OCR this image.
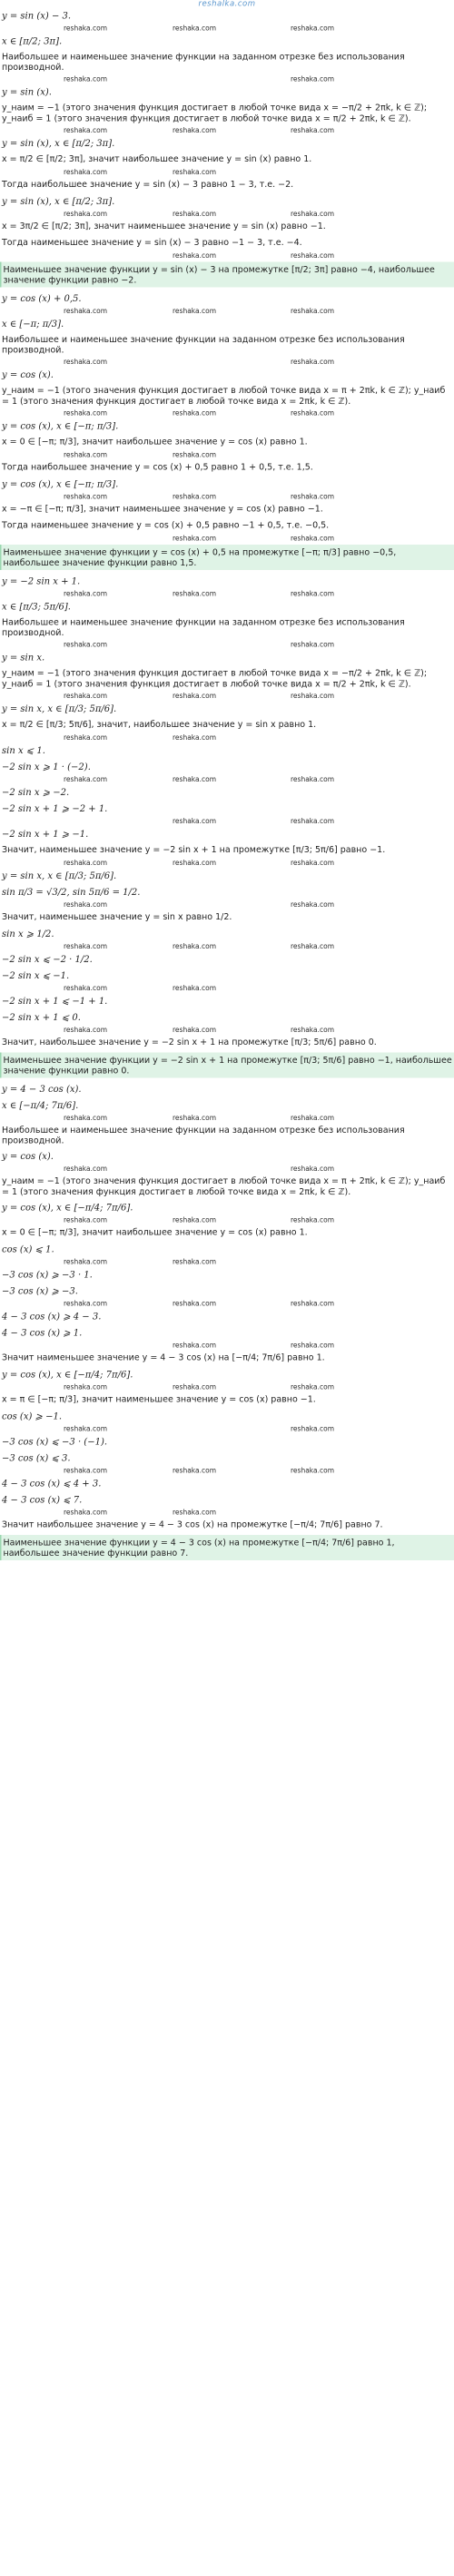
reshalka.com
y = sin (x) − 3.
reshaka.com	reshaka.com	reshaka.com
x ∈ [π/2; 3π].
Наибольшее и наименьшее значение функции на заданном отрезке без использования производной.
reshaka.com
reshaka.com
y = sin (x).
y_наим = −1 (этого значения функция достигает в любой точке вида x = −π/2 + 2πk, k ∈ ℤ); y_наиб = 1 (этого значения функция достигает в любой точке вида x = π/2 + 2πk, k ∈ ℤ).
reshaka.com	reshaka.com
reshaka.com
y = sin (x), x ∈ [π/2; 3π].
x = π/2 ∈ [π/2; 3π], значит наибольшее значение y = sin (x) равно 1.
reshaka.com	reshaka.com
Тогда наибольшее значение y = sin (x) − 3 равно 1 − 3, т.е. −2.
y = sin (x), x ∈ [π/2; 3π].
reshaka.com
reshaka.com	reshaka.com
x = 3π/2 ∈ [π/2; 3π], значит наименьшее значение y = sin (x) равно −1.
Тогда наименьшее значение y = sin (x) − 3 равно −1 − 3, т.е. −4.
reshaka.com	reshaka.com
Наименьшее значение функции y = sin (x) − 3 на промежутке [π/2; 3π] равно −4, наибольшее значение функции равно −2.
y = cos (x) + 0,5.
reshaka.com	reshaka.com	reshaka.com
x ∈ [−π; π/3].
Наибольшее и наименьшее значение функции на заданном отрезке без использования производной.
reshaka.com
reshaka.com
y = cos (x).
y_наим = −1 (этого значения функция достигает в любой точке вида x = π + 2πk, k ∈ ℤ); y_наиб = 1 (этого значения функция достигает в любой точке вида x = 2πk, k ∈ ℤ).
reshaka.com	reshaka.com
reshaka.com
y = cos (x), x ∈ [−π; π/3].
x = 0 ∈ [−π; π/3], значит наибольшее значение y = cos (x) равно 1.
reshaka.com	reshaka.com
Тогда наибольшее значение y = cos (x) + 0,5 равно 1 + 0,5, т.е. 1,5.
y = cos (x), x ∈ [−π; π/3].
reshaka.com
reshaka.com	reshaka.com
x = −π ∈ [−π; π/3], значит наименьшее значение y = cos (x) равно −1.
Тогда наименьшее значение y = cos (x) + 0,5 равно −1 + 0,5, т.е. −0,5.
reshaka.com	reshaka.com
Наименьшее значение функции y = cos (x) + 0,5 на промежутке [−π; π/3] равно −0,5, наибольшее значение функции равно 1,5.
y = −2 sin x + 1.
reshaka.com	reshaka.com	reshaka.com
x ∈ [π/3; 5π/6].
Наибольшее и наименьшее значение функции на заданном отрезке без использования производной.
reshaka.com
reshaka.com
y = sin x.
y_наим = −1 (этого значения функция достигает в любой точке вида x = −π/2 + 2πk, k ∈ ℤ); y_наиб = 1 (этого значения функция достигает в любой точке вида x = π/2 + 2πk, k ∈ ℤ).
reshaka.com	reshaka.com
reshaka.com
y = sin x, x ∈ [π/3; 5π/6].
x = π/2 ∈ [π/3; 5π/6], значит, наибольшее значение y = sin x равно 1.
reshaka.com	reshaka.com
sin x ⩽ 1.
−2 sin x ⩾ 1 · (−2).
reshaka.com
reshaka.com	reshaka.com
−2 sin x ⩾ −2.
−2 sin x + 1 ⩾ −2 + 1.
reshaka.com	reshaka.com
−2 sin x + 1 ⩾ −1.
Значит, наименьшее значение y = −2 sin x + 1 на промежутке [π/3; 5π/6] равно −1.
reshaka.com	reshaka.com	reshaka.com
y = sin x, x ∈ [π/3; 5π/6].
sin π/3 = √3/2, sin 5π/6 = 1/2.
reshaka.com
reshaka.com
Значит, наименьшее значение y = sin x равно 1/2.
sin x ⩾ 1/2.
reshaka.com	reshaka.com
reshaka.com
−2 sin x ⩽ −2 · 1/2.
−2 sin x ⩽ −1.
reshaka.com	reshaka.com
−2 sin x + 1 ⩽ −1 + 1.
−2 sin x + 1 ⩽ 0.
reshaka.com
reshaka.com	reshaka.com
Значит, наибольшее значение y = −2 sin x + 1 на промежутке [π/3; 5π/6] равно 0.
Наименьшее значение функции y = −2 sin x + 1 на промежутке [π/3; 5π/6] равно −1, наибольшее значение функции равно 0.
y = 4 − 3 cos (x).
x ∈ [−π/4; 7π/6].
reshaka.com	reshaka.com	reshaka.com
Наибольшее и наименьшее значение функции на заданном отрезке без использования производной.
y = cos (x).
reshaka.com
reshaka.com
y_наим = −1 (этого значения функция достигает в любой точке вида x = π + 2πk, k ∈ ℤ); y_наиб = 1 (этого значения функция достигает в любой точке вида x = 2πk, k ∈ ℤ).
y = cos (x), x ∈ [−π/4; 7π/6].
reshaka.com	reshaka.com
reshaka.com
x = 0 ∈ [−π; π/3], значит наибольшее значение y = cos (x) равно 1.
cos (x) ⩽ 1.
reshaka.com	reshaka.com
−3 cos (x) ⩾ −3 · 1.
−3 cos (x) ⩾ −3.
reshaka.com
reshaka.com	reshaka.com
4 − 3 cos (x) ⩾ 4 − 3.
4 − 3 cos (x) ⩾ 1.
reshaka.com	reshaka.com
Значит наименьшее значение y = 4 − 3 cos (x) на [−π/4; 7π/6] равно 1.
y = cos (x), x ∈ [−π/4; 7π/6].
reshaka.com	reshaka.com	reshaka.com
x = π ∈ [−π; π/3], значит наименьшее значение y = cos (x) равно −1.
cos (x) ⩾ −1.
reshaka.com
reshaka.com
−3 cos (x) ⩽ −3 · (−1).
−3 cos (x) ⩽ 3.
reshaka.com	reshaka.com
reshaka.com
4 − 3 cos (x) ⩽ 4 + 3.
4 − 3 cos (x) ⩽ 7.
reshaka.com	reshaka.com
Значит наибольшее значение y = 4 − 3 cos (x) на промежутке [−π/4; 7π/6] равно 7.
Наименьшее значение функции y = 4 − 3 cos (x) на промежутке [−π/4; 7π/6] равно 1, наибольшее значение функции равно 7.
